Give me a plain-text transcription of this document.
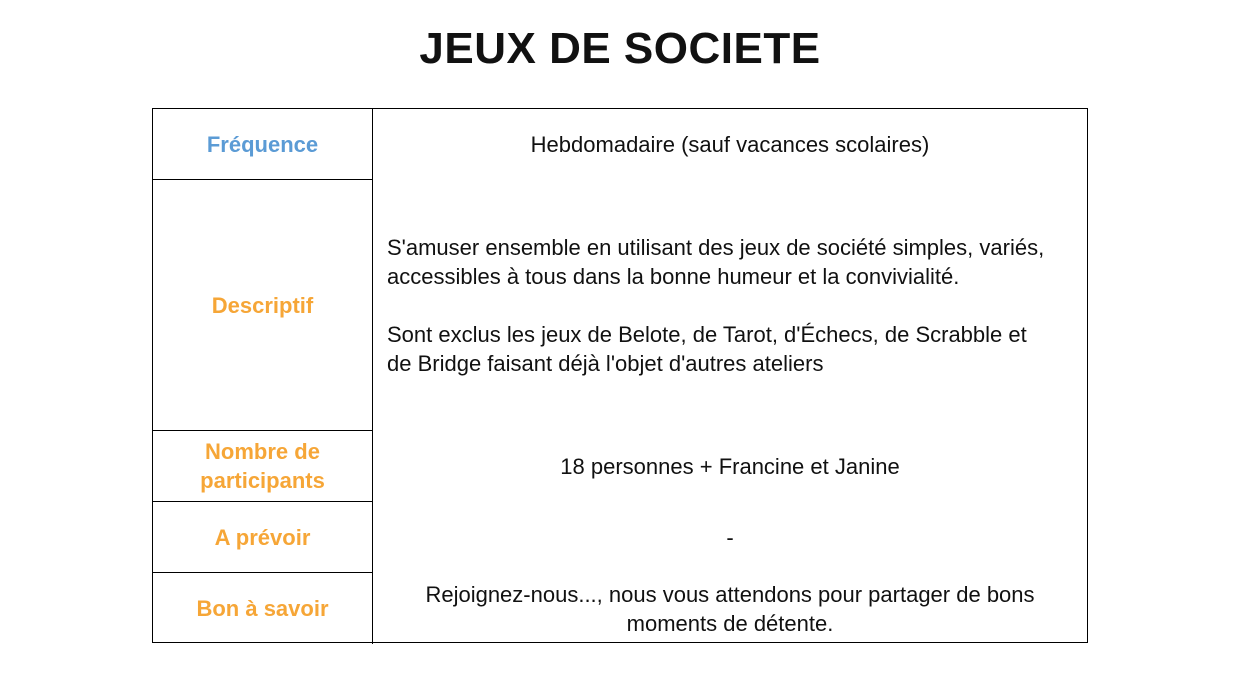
JEUX DE SOCIETE
Fréquence	Hebdomadaire (sauf vacances scolaires)
Descriptif
S'amuser ensemble en utilisant des jeux de société simples, variés, accessibles à tous dans la bonne humeur et la convivialité.
Sont exclus les jeux de Belote, de Tarot, d'Échecs, de Scrabble et de Bridge faisant déjà l'objet d'autres ateliers
Nombre de participants
18 personnes + Francine et Janine
A prévoir	-
Bon à savoir
Rejoignez-nous..., nous vous attendons pour partager de bons moments de détente.
